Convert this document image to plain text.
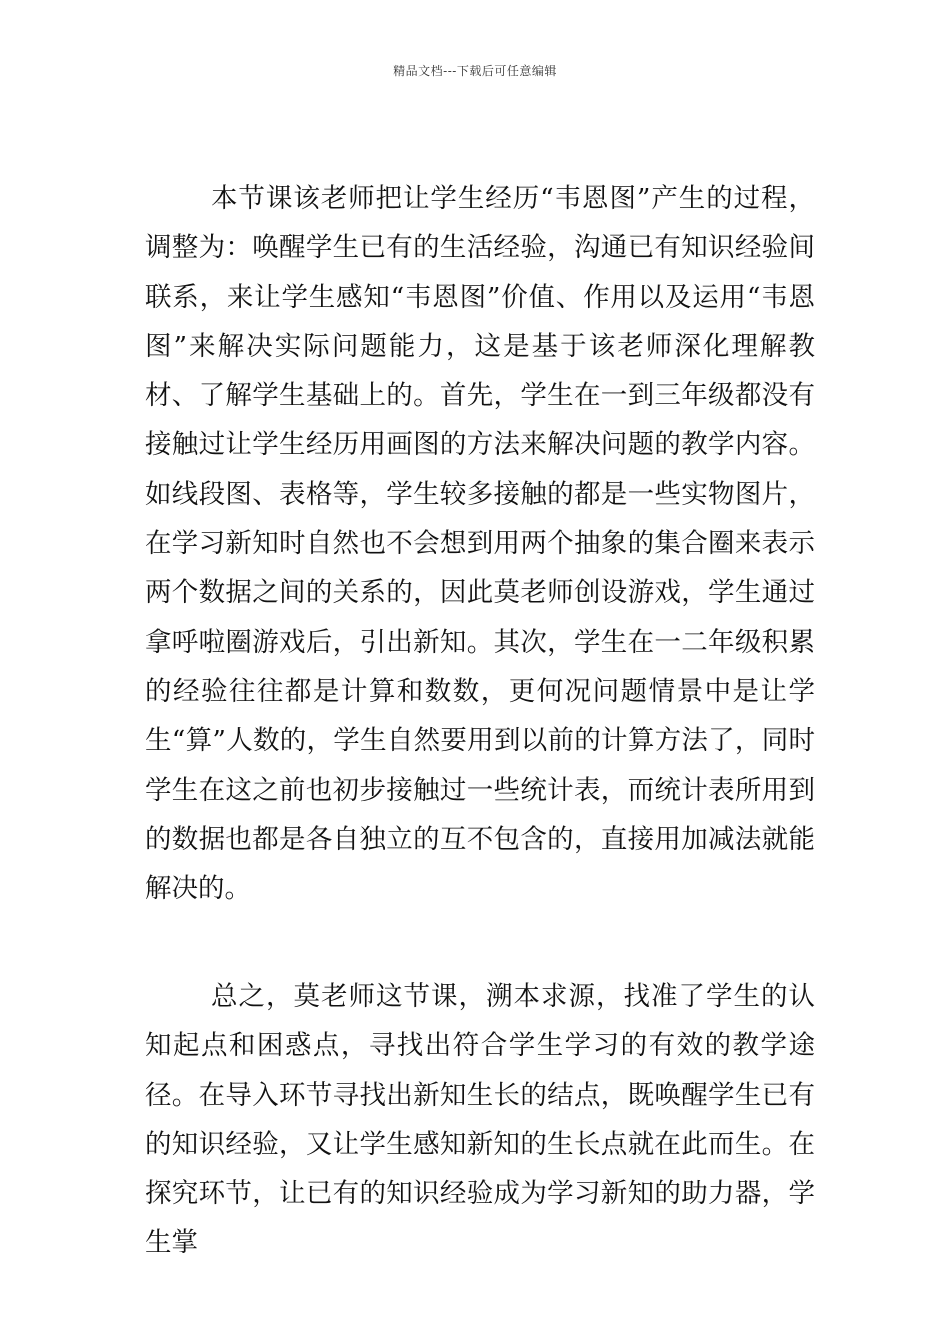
精品文档---下载后可任意编辑

本节课该老师把让学生经历“韦恩图”产生的过程，调整为：唤醒学生已有的生活经验，沟通已有知识经验间联系，来让学生感知“韦恩图”价值、作用以及运用“韦恩图”来解决实际问题能力，这是基于该老师深化理解教材、了解学生基础上的。首先，学生在一到三年级都没有接触过让学生经历用画图的方法来解决问题的教学内容。如线段图、表格等，学生较多接触的都是一些实物图片，在学习新知时自然也不会想到用两个抽象的集合圈来表示两个数据之间的关系的，因此莫老师创设游戏，学生通过拿呼啦圈游戏后，引出新知。其次，学生在一二年级积累的经验往往都是计算和数数，更何况问题情景中是让学生“算”人数的，学生自然要用到以前的计算方法了，同时学生在这之前也初步接触过一些统计表，而统计表所用到的数据也都是各自独立的互不包含的，直接用加减法就能解决的。

总之，莫老师这节课，溯本求源，找准了学生的认知起点和困惑点，寻找出符合学生学习的有效的教学途径。在导入环节寻找出新知生长的结点，既唤醒学生已有的知识经验，又让学生感知新知的生长点就在此而生。在探究环节，让已有的知识经验成为学习新知的助力器，学生掌
